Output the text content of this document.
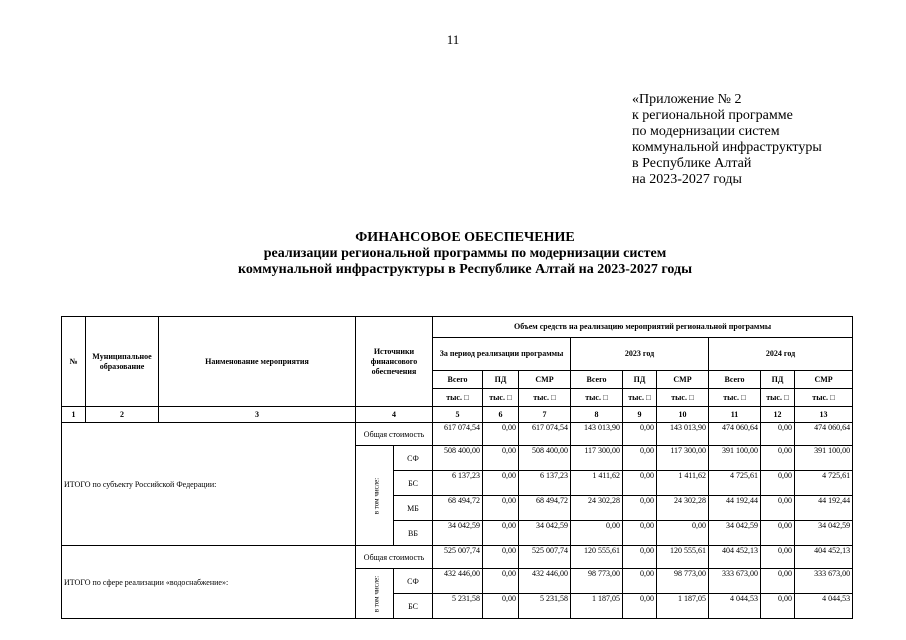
11
«Приложение № 2
к региональной программе
по модернизации систем
коммунальной инфраструктуры
в Республике Алтай
на 2023-2027 годы
ФИНАНСОВОЕ ОБЕСПЕЧЕНИЕ
реализации региональной программы по модернизации систем
коммунальной инфраструктуры в Республике Алтай на 2023-2027 годы
№	Муниципальное образование	Наименование мероприятия	Источники финансового обеспечения		Объем средств на реализацию мероприятий региональной программы								
					За период реализации программы			2023 год			2024 год		
					Всего	ПД	СМР	Всего	ПД	СМР	Всего	ПД	СМР
					тыс. □	тыс. □	тыс. □	тыс. □	тыс. □	тыс. □	тыс. □	тыс. □	тыс. □
1	2	3	4		5	6	7	8	9	10	11	12	13
ИТОГО по субъекту Российской Федерации:			Общая стоимость		617 074,54	0,00	617 074,54	143 013,90	0,00	143 013,90	474 060,64	0,00	474 060,64
			в том числе:	СФ	508 400,00	0,00	508 400,00	117 300,00	0,00	117 300,00	391 100,00	0,00	391 100,00
				БС	6 137,23	0,00	6 137,23	1 411,62	0,00	1 411,62	4 725,61	0,00	4 725,61
				МБ	68 494,72	0,00	68 494,72	24 302,28	0,00	24 302,28	44 192,44	0,00	44 192,44
				ВБ	34 042,59	0,00	34 042,59	0,00	0,00	0,00	34 042,59	0,00	34 042,59
ИТОГО по сфере реализации «водоснабжение»:			Общая стоимость		525 007,74	0,00	525 007,74	120 555,61	0,00	120 555,61	404 452,13	0,00	404 452,13
			в том числе:	СФ	432 446,00	0,00	432 446,00	98 773,00	0,00	98 773,00	333 673,00	0,00	333 673,00
				БС	5 231,58	0,00	5 231,58	1 187,05	0,00	1 187,05	4 044,53	0,00	4 044,53
